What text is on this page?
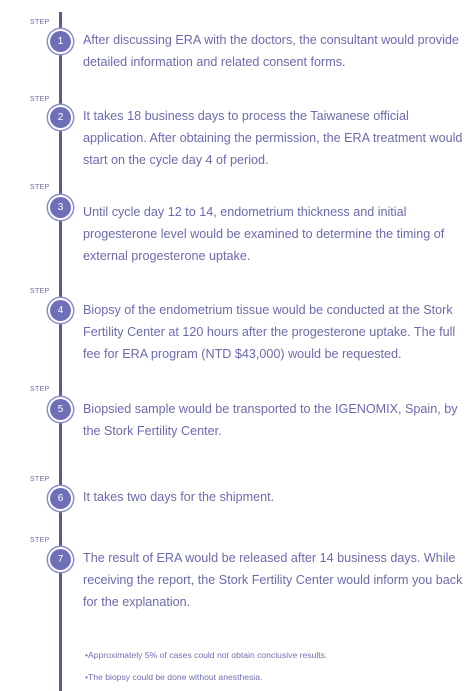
STEP
1	After discussing ERA with the doctors, the consultant would provide detailed information and related consent forms.
STEP
2	It takes 18 business days to process the Taiwanese official application. After obtaining the permission, the ERA treatment would start on the cycle day 4 of period.
STEP
3	Until cycle day 12 to 14, endometrium thickness and initial progesterone level would be examined to determine the timing of external progesterone uptake.
STEP
4	Biopsy of the endometrium tissue would be conducted at the Stork Fertility Center at 120 hours after the progesterone uptake. The full fee for ERA program (NTD $43,000) would be requested.
STEP
5	Biopsied sample would be transported to the IGENOMIX, Spain, by the Stork Fertility Center.
STEP
6	It takes two days for the shipment.
STEP
7	The result of ERA would be released after 14 business days. While receiving the report, the Stork Fertility Center would inform you back for the explanation.
•Approximately 5% of cases could not obtain conclusive results.
•The biopsy could be done without anesthesia.
